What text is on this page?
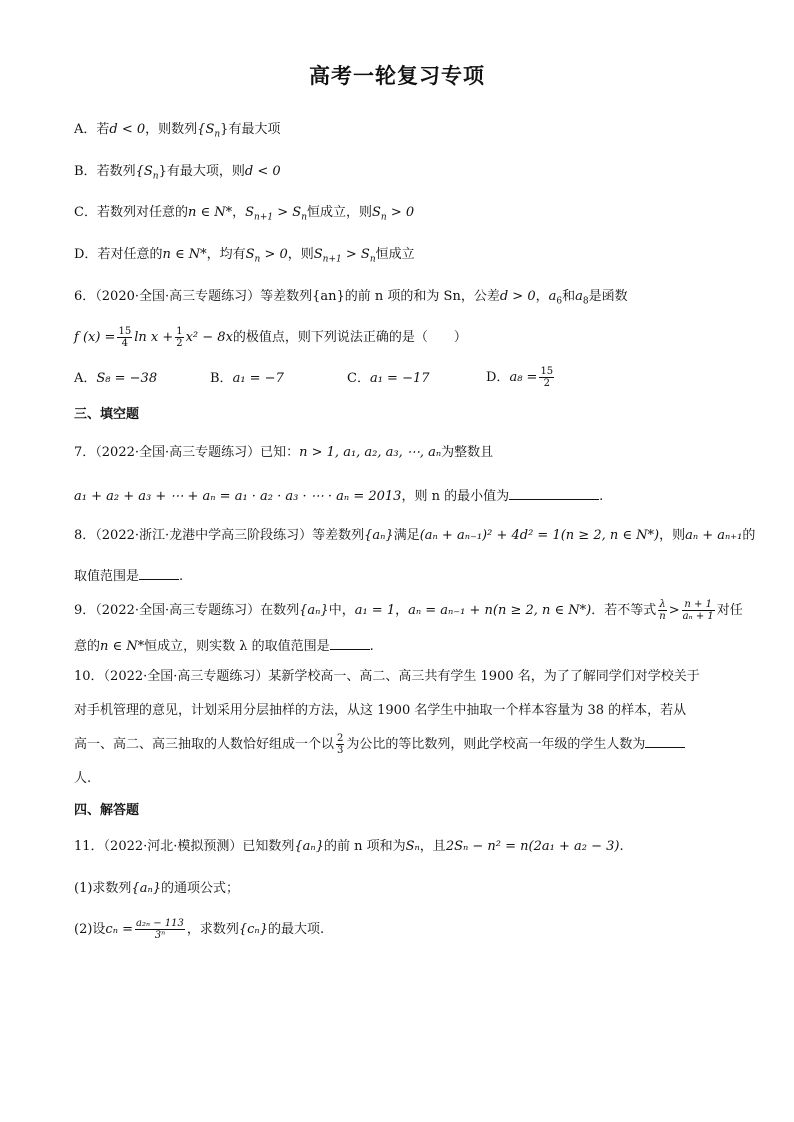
高考一轮复习专项
A．若d < 0，则数列$\{S_n\}$有最大项
B．若数列$\{S_n\}$有最大项，则d < 0
C．若数列对任意的n ∈ N*，$S_{n+1} > S_n$恒成立，则$S_n > 0$
D．若对任意的n ∈ N*，均有$S_n > 0$，则$S_{n+1} > S_n$恒成立
6．（2020·全国·高三专题练习）等差数列{an}的前 n 项的和为 Sn，公差d > 0，$a_6$和$a_8$是函数
f $(x) = \frac{15}{4}$ $\ln x + \frac{1}{2} x^2 - 8x$的极值点，则下列说法正确的是（　　）
A．S₈ = −38	B．a₁ = −7	C．a₁ = −17	D．$a_8 = \frac{15}{2}$
三、填空题
7．（2022·全国·高三专题练习）已知：n > 1, a₁, a₂, a₃, ⋯, aₙ为整数且
a₁ + a₂ + a₃ + ⋯ + aₙ = a₁ · a₂ · a₃ · ⋯ · aₙ = 2013，则 n 的最小值为	.
8．（2022·浙江·龙港中学高三阶段练习）等差数列{aₙ}满足(aₙ + aₙ₋₁)² + 4d² = 1(n ≥ 2, n ∈ N*)，则aₙ + aₙ₊₁的
取值范围是	.
9．（2022·全国·高三专题练习）在数列{aₙ}中，a₁ = 1，aₙ = aₙ₋₁ + n(n ≥ 2, n ∈ N*)．若不等式 $\frac{\lambda}{n} > \frac{n + 1}{\text{aₙ + 1}}$ 对任
意的n ∈ N*恒成立，则实数 λ 的取值范围是	.
10．（2022·全国·高三专题练习）某新学校高一、高二、高三共有学生 1900 名，为了了解同学们对学校关于
对手机管理的意见，计划采用分层抽样的方法，从这 1900 名学生中抽取一个样本容量为 38 的样本，若从
高一、高二、高三抽取的人数恰好组成一个以 $\frac{2}{3}$ 为公比的等比数列，则此学校高一年级的学生人数为
人.
四、解答题
11．（2022·河北·模拟预测）已知数列{aₙ}的前 n 项和为Sₙ，且2Sₙ − n² = n(2a₁ + a₂ − 3).
(1)求数列{aₙ}的通项公式；
(2)设$c_n = \frac{\text{a₂ₙ − 113}}{\text{3ⁿ}}$ ，求数列{cₙ}的最大项.
